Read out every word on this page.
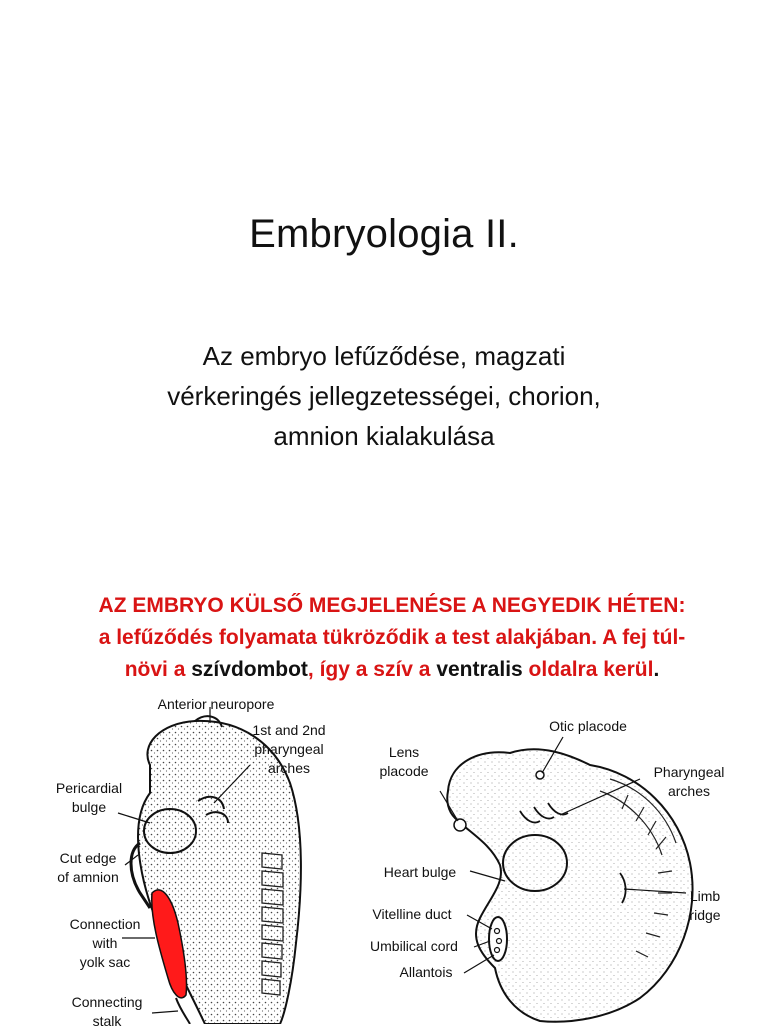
Embryologia II.
Az embryo lefűződése, magzati
vérkeringés jellegzetességei, chorion,
amnion kialakulása
AZ EMBRYO KÜLSŐ MEGJELENÉSE A NEGYEDIK HÉTEN:
a lefűződés folyamata tükröződik a test alakjában. A fej túl-
növi a szívdombot, így a szív a ventralis oldalra kerül.
Anterior neuropore
1st and 2nd
pharyngeal
arches
Pericardial
bulge
Cut edge
of amnion
Connection
with
yolk sac
Connecting
stalk
Otic placode
Lens
placode	Pharyngeal
arches
Heart bulge
Limb
ridge
Vitelline duct
Umbilical cord
Allantois
